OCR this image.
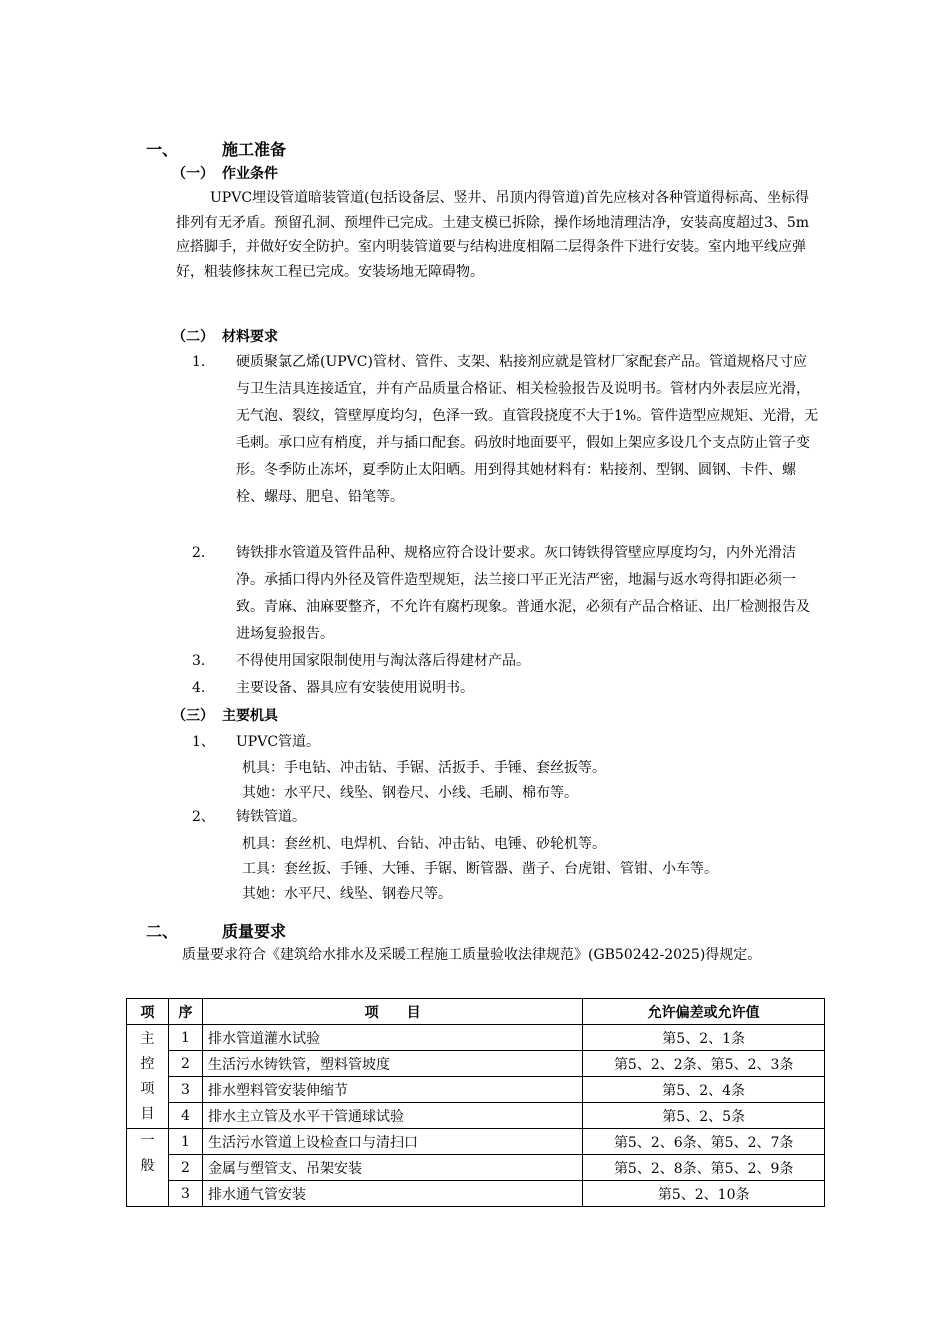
一、	施工准备
（一） 作业条件
UPVC埋设管道暗装管道(包括设备层、竖井、吊顶内得管道)首先应核对各种管道得标高、坐标得排列有无矛盾。预留孔洞、预埋件已完成。土建支模已拆除，操作场地清理洁净，安装高度超过3、5m应搭脚手，并做好安全防护。室内明装管道要与结构进度相隔二层得条件下进行安装。室内地平线应弹好，粗装修抹灰工程已完成。安装场地无障碍物。
（二） 材料要求
1.	硬质聚氯乙烯(UPVC)管材、管件、支架、粘接剂应就是管材厂家配套产品。管道规格尺寸应与卫生洁具连接适宜，并有产品质量合格证、相关检验报告及说明书。管材内外表层应光滑，无气泡、裂纹，管壁厚度均匀，色泽一致。直管段挠度不大于1%。管件造型应规矩、光滑，无毛刺。承口应有梢度，并与插口配套。码放时地面要平，假如上架应多设几个支点防止管子变形。冬季防止冻坏，夏季防止太阳晒。用到得其她材料有：粘接剂、型钢、圆钢、卡件、螺栓、螺母、肥皂、铅笔等。
2.	铸铁排水管道及管件品种、规格应符合设计要求。灰口铸铁得管壁应厚度均匀，内外光滑洁净。承插口得内外径及管件造型规矩，法兰接口平正光洁严密，地漏与返水弯得扣距必须一致。青麻、油麻要整齐，不允许有腐朽现象。普通水泥，必须有产品合格证、出厂检测报告及进场复验报告。
3.	不得使用国家限制使用与淘汰落后得建材产品。
4.	主要设备、器具应有安装使用说明书。
（三） 主要机具
1、	UPVC管道。
机具：手电钻、冲击钻、手锯、活扳手、手锤、套丝扳等。
其她：水平尺、线坠、钢卷尺、小线、毛刷、棉布等。
2、	铸铁管道。
机具：套丝机、电焊机、台钻、冲击钻、电锤、砂轮机等。
工具：套丝扳、手锤、大锤、手锯、断管器、凿子、台虎钳、管钳、小车等。
其她：水平尺、线坠、钢卷尺等。
二、	质量要求
质量要求符合《建筑给水排水及采暖工程施工质量验收法律规范》(GB50242-2025)得规定。
项	序	项　　目	允许偏差或允许值
主控项目	1	排水管道灌水试验	第5、2、1条
	2	生活污水铸铁管，塑料管坡度	第5、2、2条、第5、2、3条
	3	排水塑料管安装伸缩节	第5、2、4条
	4	排水主立管及水平干管通球试验	第5、2、5条
一般	1	生活污水管道上设检查口与清扫口	第5、2、6条、第5、2、7条
	2	金属与塑管支、吊架安装	第5、2、8条、第5、2、9条
	3	排水通气管安装	第5、2、10条
